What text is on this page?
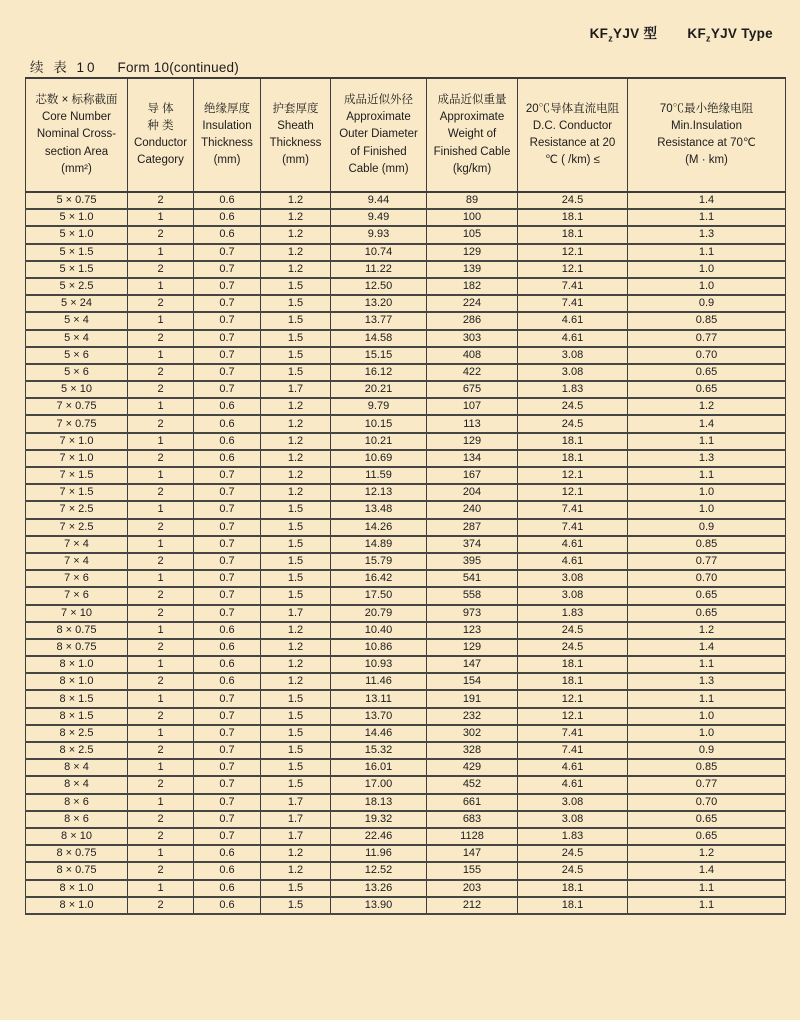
$KF_zYJV$ 型 $KF_zYJV$ Type
续 表 10 Form 10(continued)
芯数 × 标称截面
Core Number
Nominal Cross-
section Area
(mm²)

导 体
种 类
Conductor
Category

绝缘厚度
Insulation
Thickness
(mm)

护套厚度
Sheath
Thickness
(mm)

成品近似外径
Approximate
Outer Diameter
of Finished
Cable (mm)

成品近似重量
Approximate
Weight of
Finished Cable
(kg/km)

20℃导体直流电阻
D.C. Conductor
Resistance at 20
℃ ( /km) ≤

70℃最小绝缘电阻
Min.Insulation
Resistance at 70℃
(M · km)

5 × 0.75	2	0.6	1.2	9.44	89	24.5	1.4
5 × 1.0	1	0.6	1.2	9.49	100	18.1	1.1
5 × 1.0	2	0.6	1.2	9.93	105	18.1	1.3
5 × 1.5	1	0.7	1.2	10.74	129	12.1	1.1
5 × 1.5	2	0.7	1.2	11.22	139	12.1	1.0
5 × 2.5	1	0.7	1.5	12.50	182	7.41	1.0
5 × 24	2	0.7	1.5	13.20	224	7.41	0.9
5 × 4	1	0.7	1.5	13.77	286	4.61	0.85
5 × 4	2	0.7	1.5	14.58	303	4.61	0.77
5 × 6	1	0.7	1.5	15.15	408	3.08	0.70
5 × 6	2	0.7	1.5	16.12	422	3.08	0.65
5 × 10	2	0.7	1.7	20.21	675	1.83	0.65
7 × 0.75	1	0.6	1.2	9.79	107	24.5	1.2
7 × 0.75	2	0.6	1.2	10.15	113	24.5	1.4
7 × 1.0	1	0.6	1.2	10.21	129	18.1	1.1
7 × 1.0	2	0.6	1.2	10.69	134	18.1	1.3
7 × 1.5	1	0.7	1.2	11.59	167	12.1	1.1
7 × 1.5	2	0.7	1.2	12.13	204	12.1	1.0
7 × 2.5	1	0.7	1.5	13.48	240	7.41	1.0
7 × 2.5	2	0.7	1.5	14.26	287	7.41	0.9
7 × 4	1	0.7	1.5	14.89	374	4.61	0.85
7 × 4	2	0.7	1.5	15.79	395	4.61	0.77
7 × 6	1	0.7	1.5	16.42	541	3.08	0.70
7 × 6	2	0.7	1.5	17.50	558	3.08	0.65
7 × 10	2	0.7	1.7	20.79	973	1.83	0.65
8 × 0.75	1	0.6	1.2	10.40	123	24.5	1.2
8 × 0.75	2	0.6	1.2	10.86	129	24.5	1.4
8 × 1.0	1	0.6	1.2	10.93	147	18.1	1.1
8 × 1.0	2	0.6	1.2	11.46	154	18.1	1.3
8 × 1.5	1	0.7	1.5	13.11	191	12.1	1.1
8 × 1.5	2	0.7	1.5	13.70	232	12.1	1.0
8 × 2.5	1	0.7	1.5	14.46	302	7.41	1.0
8 × 2.5	2	0.7	1.5	15.32	328	7.41	0.9
8 × 4	1	0.7	1.5	16.01	429	4.61	0.85
8 × 4	2	0.7	1.5	17.00	452	4.61	0.77
8 × 6	1	0.7	1.7	18.13	661	3.08	0.70
8 × 6	2	0.7	1.7	19.32	683	3.08	0.65
8 × 10	2	0.7	1.7	22.46	1128	1.83	0.65
8 × 0.75	1	0.6	1.2	11.96	147	24.5	1.2
8 × 0.75	2	0.6	1.2	12.52	155	24.5	1.4
8 × 1.0	1	0.6	1.5	13.26	203	18.1	1.1
8 × 1.0	2	0.6	1.5	13.90	212	18.1	1.1
